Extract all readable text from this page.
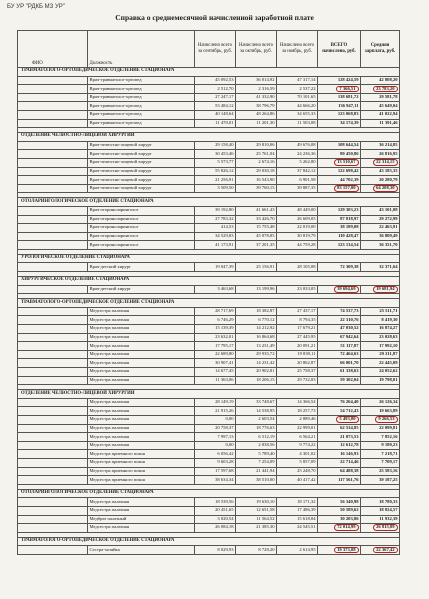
БУ УР "РДКБ МЗ УР"
Справка о среднемесячной начисленной заработной плате
ФИО	Должность	Начислено всего за сентябрь, руб.	Начислено всего за октябрь, руб.	Начислено всего за ноябрь, руб.	ВСЕГО начислено, руб.	Средняя зарплата, руб.
ТРАВМАТОЛОГО-ОРТОПЕДИЧЕСКОЕ ОТДЕЛЕНИЕ СТАЦИОНАРА						
	Врач-травматолог-ортопед	45 092,53	36 014,92	47 317,14	128 424,59	42 808,20
	Врач-травматолог-ортопед	2 512,70	2 316,59	2 537,22	7 366,51	23 783,20
	Врач-травматолог-ортопед	27 247,17	41 332,90	70 101,65	138 681,72	29 581,78
	Врач-травматолог-ортопед	53 484,12	38 796,79	44 666,20	136 947,11	45 649,04
	Врач-травматолог-ортопед	40 148,64	48 264,86	34 655,33	123 068,83	41 022,94
	Врач-травматолог-ортопед	11 470,01	11 201,30	11 503,08	34 174,39	11 391,46

ОТДЕЛЕНИЕ ЧЕЛЮСТНО-ЛИЦЕВОЙ ХИРУРГИИ						
	Врач-челюстно-лицевой хирург	29 158,40	29 810,06	49 676,08	108 644,54	36 214,85
	Врач-челюстно-лицевой хирург	30 453,46	25 761,04	24 236,36	80 450,86	26 816,95
	Врач-челюстно-лицевой хирург	5 573,77	2 674,16	5 262,80	13 510,67	22 314,15
	Врач-челюстно-лицевой хирург	55 826,12	29 030,18	37 842,12	122 698,42	43 185,35
	Врач-челюстно-лицевой хирург	21 256,91	16 543,90	6 901,58	44 702,39	20 280,79
	Врач-челюстно-лицевой хирург	3 509,50	39 760,15	39 887,35	83 157,00	64 208,30

ОТОЛАРИНГОЛОГИЧЕСКОЕ ОТДЕЛЕНИЕ СТАЦИОНАРА						
	Врач-оториноларинголог	39 192,80	41 661,43	48 449,00	129 303,23	43 101,08
	Врач-оториноларинголог	27 783,32	33 426,70	26 609,05	87 818,97	29 272,99
	Врач-оториноларинголог	414,53	15 755,48	22 019,00	38 189,08	22 463,91
	Врач-оториноларинголог	34 529,83	45 078,85	30 819,79	110 428,47	36 809,49
	Врач-оториноларинголог	41 173,91	37 201,35	44 759,28	123 134,54	36 351,70

УРОЛОГИЧЕСКОЕ ОТДЕЛЕНИЕ СТАЦИОНАРА						
	Врач-детский хирург	19 047,39	25 156,91	28 105,08	72 309,38	32 371,64

ХИРУРГИЧЕСКОЕ ОТДЕЛЕНИЕ СТАЦИОНАРА						
	Врач-детский хирург	3 463,68	13 199,96	23 033,05	39 694,69	19 681,94

ТРАВМАТОЛОГО-ОРТОПЕДИЧЕСКОЕ ОТДЕЛЕНИЕ СТАЦИОНАРА						
	Медсестра палатная	28 717,69	18 382,87	27 437,17	74 537,73	25 511,71
	Медсестра палатная	6 746,29	6 770,12	8 794,35	22 310,76	8 419,30
	Медсестра палатная	15 139,39	14 212,92	17 679,21	47 030,52	16 874,27
	Медсестра палатная	23 632,01	16 864,68	27 445,95	67 942,64	23 028,63
	Медсестра палатная	17 795,17	13 231,49	20 091,21	51 117,87	17 992,10
	Медсестра палатная	22 689,80	29 935,72	19 839,11	72 464,63	29 211,87
	Медсестра палатная	30 907,41	14 231,42	20 862,87	66 001,70	22 445,09
	Медсестра палатная	14 677,45	20 902,81	25 758,37	61 338,63	24 052,62
	Медсестра палатная	11 363,06	18 206,15	29 732,83	59 302,04	19 798,01

ОТДЕЛЕНИЕ ЧЕЛЮСТНО-ЛИЦЕВОЙ ХИРУРГИИ						
	Медсестра палатная	28 149,19	33 748,67	14 366,54	76 264,40	26 126,34
	Медсестра палатная	21 915,26	14 538,95	18 257,73	54 712,43	19 663,89
	Медсестра палатная	0,00	2 603,54	2 889,46	5 493,00	9 266,53
	Медсестра палатная	20 758,37	18 776,63	22 999,01	62 534,85	22 099,81
	Медсестра палатная	7 997,13	6 512,19	6 564,21	21 073,53	7 852,16
	Медсестра палатная	0,00	2 838,56	9 774,22	12 612,78	9 180,23
	Медсестра приемного покоя	6 056,42	5 789,40	4 301,02	16 146,93	7 218,71
	Медсестра приемного покоя	9 603,28	7 254,09	5 857,09	22 714,46	7 709,17
	Медсестра приемного покоя	17 597,68	21 441,94	25 248,70	64 488,38	25 583,16
	Медсестра приемного покоя	38 634,34	38 510,00	40 417,42	117 561,76	39 187,25

ОТОЛАРИНГОЛОГИЧЕСКОЕ ОТДЕЛЕНИЕ СТАЦИОНАРА						
	Медсестра палатная	18 539,56	19 630,10	18 171,32	56 340,98	18 780,33
	Медсестра палатная	20 451,65	12 651,58	17 486,39	50 589,62	18 824,57
	Медбрат палатный	3 020,54	11 564,52	15 618,84	30 203,86	11 932,39
	Медсестра палатная	26 084,18	21 385,30	24 545,51	72 014,99	26 815,89

ТРАВМАТОЛОГО-ОРТОПЕДИЧЕСКОЕ ОТДЕЛЕНИЕ СТАЦИОНАРА						
	Сестра-хозяйка	8 029,93	8 728,20	2 614,95	19 373,08	22 367,42
